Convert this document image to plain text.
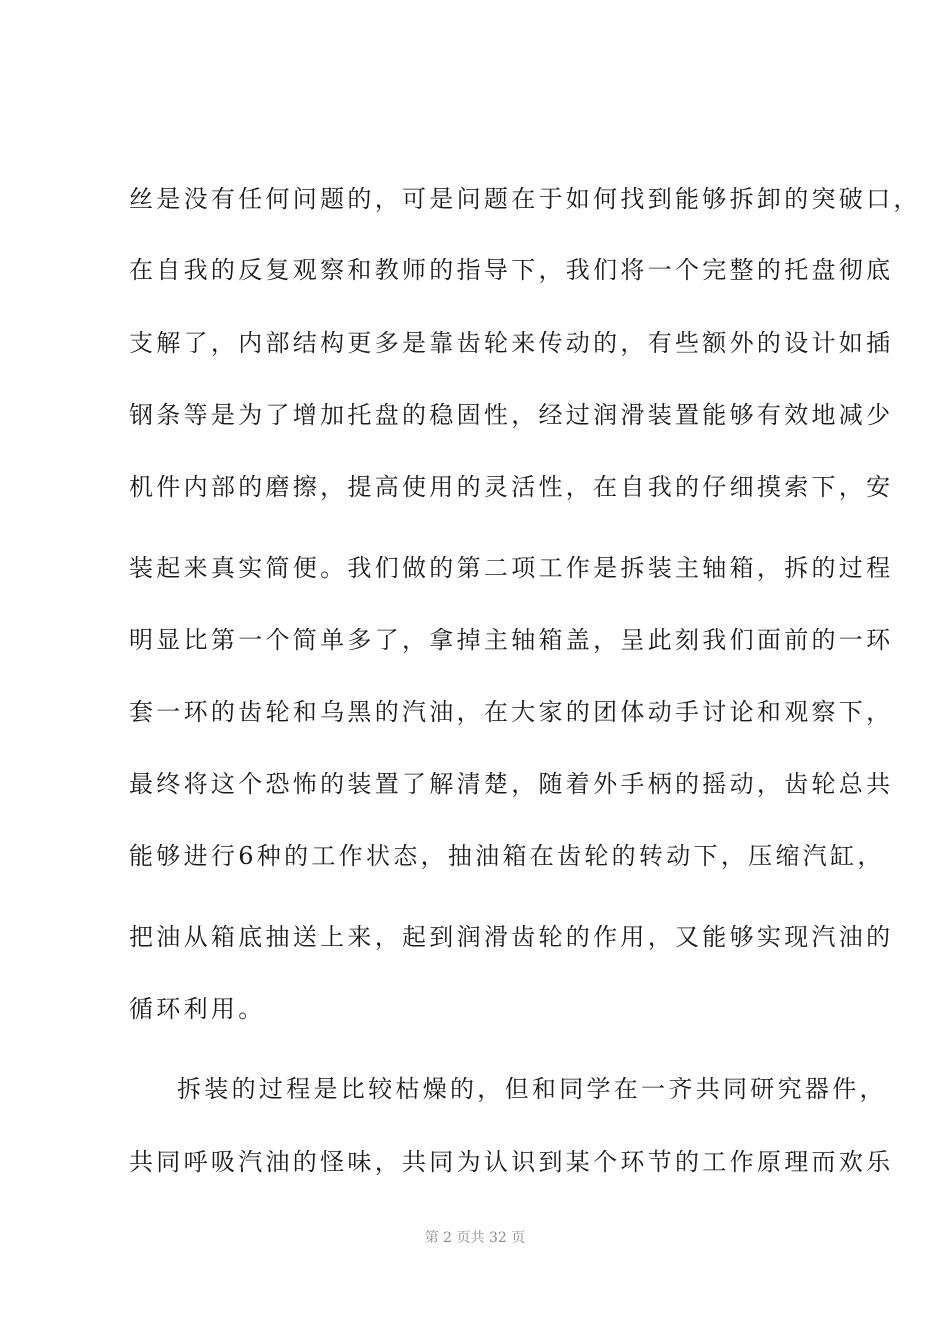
丝是没有任何问题的，可是问题在于如何找到能够拆卸的突破口，
在自我的反复观察和教师的指导下，我们将一个完整的托盘彻底
支解了，内部结构更多是靠齿轮来传动的，有些额外的设计如插
钢条等是为了增加托盘的稳固性，经过润滑装置能够有效地减少
机件内部的磨擦，提高使用的灵活性，在自我的仔细摸索下，安
装起来真实简便。我们做的第二项工作是拆装主轴箱，拆的过程
明显比第一个简单多了，拿掉主轴箱盖，呈此刻我们面前的一环
套一环的齿轮和乌黑的汽油，在大家的团体动手讨论和观察下，
最终将这个恐怖的装置了解清楚，随着外手柄的摇动，齿轮总共
能够进行6种的工作状态，抽油箱在齿轮的转动下，压缩汽缸，
把油从箱底抽送上来，起到润滑齿轮的作用，又能够实现汽油的
循环利用。
拆装的过程是比较枯燥的，但和同学在一齐共同研究器件，
共同呼吸汽油的怪味，共同为认识到某个环节的工作原理而欢乐
第 2 页共 32 页
